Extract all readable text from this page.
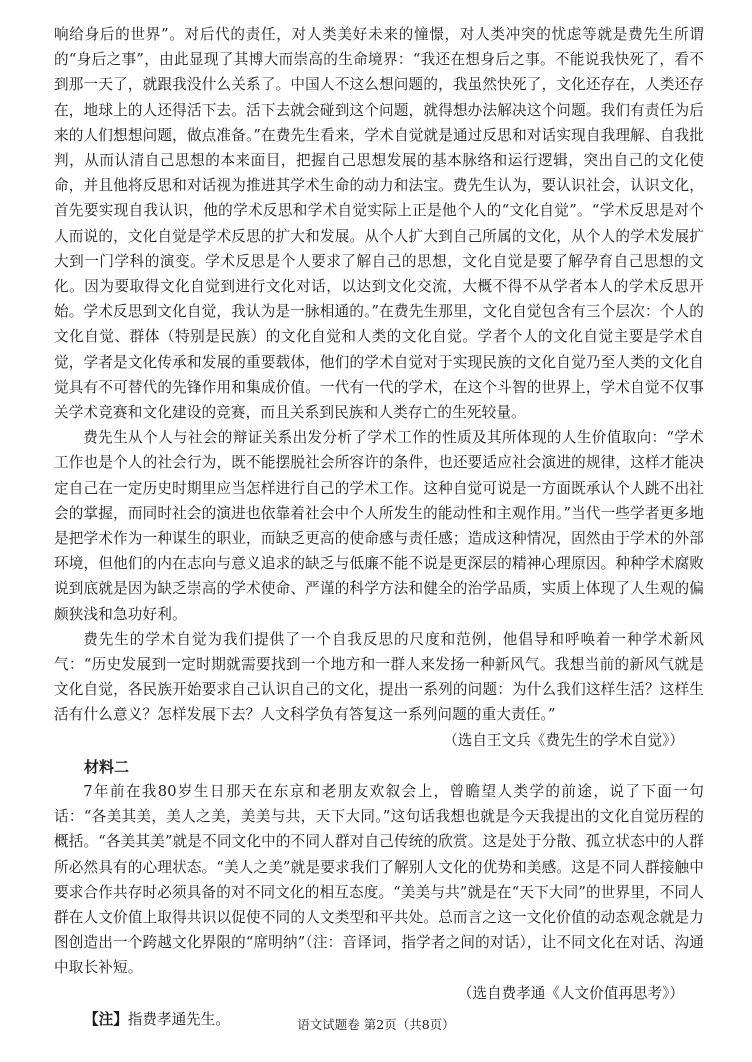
响给身后的世界”。对后代的责任，对人类美好未来的憧憬，对人类冲突的忧虑等就是费先生所谓的“身后之事”，由此显现了其博大而崇高的生命境界：“我还在想身后之事。不能说我快死了，看不到那一天了，就跟我没什么关系了。中国人不这么想问题的，我虽然快死了，文化还存在，人类还存在，地球上的人还得活下去。活下去就会碰到这个问题，就得想办法解决这个问题。我们有责任为后来的人们想想问题，做点准备。”在费先生看来，学术自觉就是通过反思和对话实现自我理解、自我批判，从而认清自己思想的本来面目，把握自己思想发展的基本脉络和运行逻辑，突出自己的文化使命，并且他将反思和对话视为推进其学术生命的动力和法宝。费先生认为，要认识社会，认识文化，首先要实现自我认识，他的学术反思和学术自觉实际上正是他个人的“文化自觉”。“学术反思是对个人而说的，文化自觉是学术反思的扩大和发展。从个人扩大到自己所属的文化，从个人的学术发展扩大到一门学科的演变。学术反思是个人要求了解自己的思想，文化自觉是要了解孕育自己思想的文化。因为要取得文化自觉到进行文化对话，以达到文化交流，大概不得不从学者本人的学术反思开始。学术反思到文化自觉，我认为是一脉相通的。”在费先生那里，文化自觉包含有三个层次：个人的文化自觉、群体（特别是民族）的文化自觉和人类的文化自觉。学者个人的文化自觉主要是学术自觉，学者是文化传承和发展的重要载体，他们的学术自觉对于实现民族的文化自觉乃至人类的文化自觉具有不可替代的先锋作用和集成价值。一代有一代的学术，在这个斗智的世界上，学术自觉不仅事关学术竞赛和文化建设的竞赛，而且关系到民族和人类存亡的生死较量。

费先生从个人与社会的辩证关系出发分析了学术工作的性质及其所体现的人生价值取向：“学术工作也是个人的社会行为，既不能摆脱社会所容许的条件，也还要适应社会演进的规律，这样才能决定自己在一定历史时期里应当怎样进行自己的学术工作。这种自觉可说是一方面既承认个人跳不出社会的掌握，而同时社会的演进也依靠着社会中个人所发生的能动性和主观作用。”当代一些学者更多地是把学术作为一种谋生的职业，而缺乏更高的使命感与责任感；造成这种情况，固然由于学术的外部环境，但他们的内在志向与意义追求的缺乏与低廉不能不说是更深层的精神心理原因。种种学术腐败说到底就是因为缺乏崇高的学术使命、严谨的科学方法和健全的治学品质，实质上体现了人生观的偏颇狭浅和急功好利。

费先生的学术自觉为我们提供了一个自我反思的尺度和范例，他倡导和呼唤着一种学术新风气：“历史发展到一定时期就需要找到一个地方和一群人来发扬一种新风气。我想当前的新风气就是文化自觉，各民族开始要求自己认识自己的文化，提出一系列的问题：为什么我们这样生活？这样生活有什么意义？怎样发展下去？人文科学负有答复这一系列问题的重大责任。”

（选自王文兵《费先生的学术自觉》）
材料二

7年前在我80岁生日那天在东京和老朋友欢叙会上，曾瞻望人类学的前途，说了下面一句话：“各美其美，美人之美，美美与共，天下大同。”这句话我想也就是今天我提出的文化自觉历程的概括。“各美其美”就是不同文化中的不同人群对自己传统的欣赏。这是处于分散、孤立状态中的人群所必然具有的心理状态。“美人之美”就是要求我们了解别人文化的优势和美感。这是不同人群接触中要求合作共存时必须具备的对不同文化的相互态度。“美美与共”就是在“天下大同”的世界里，不同人群在人文价值上取得共识以促使不同的人文类型和平共处。总而言之这一文化价值的动态观念就是力图创造出一个跨越文化界限的“席明纳”（注：音译词，指学者之间的对话），让不同文化在对话、沟通中取长补短。

（选自费孝通《人文价值再思考》）
【注】指费孝通先生。	语文试题卷 第2页（共8页）
